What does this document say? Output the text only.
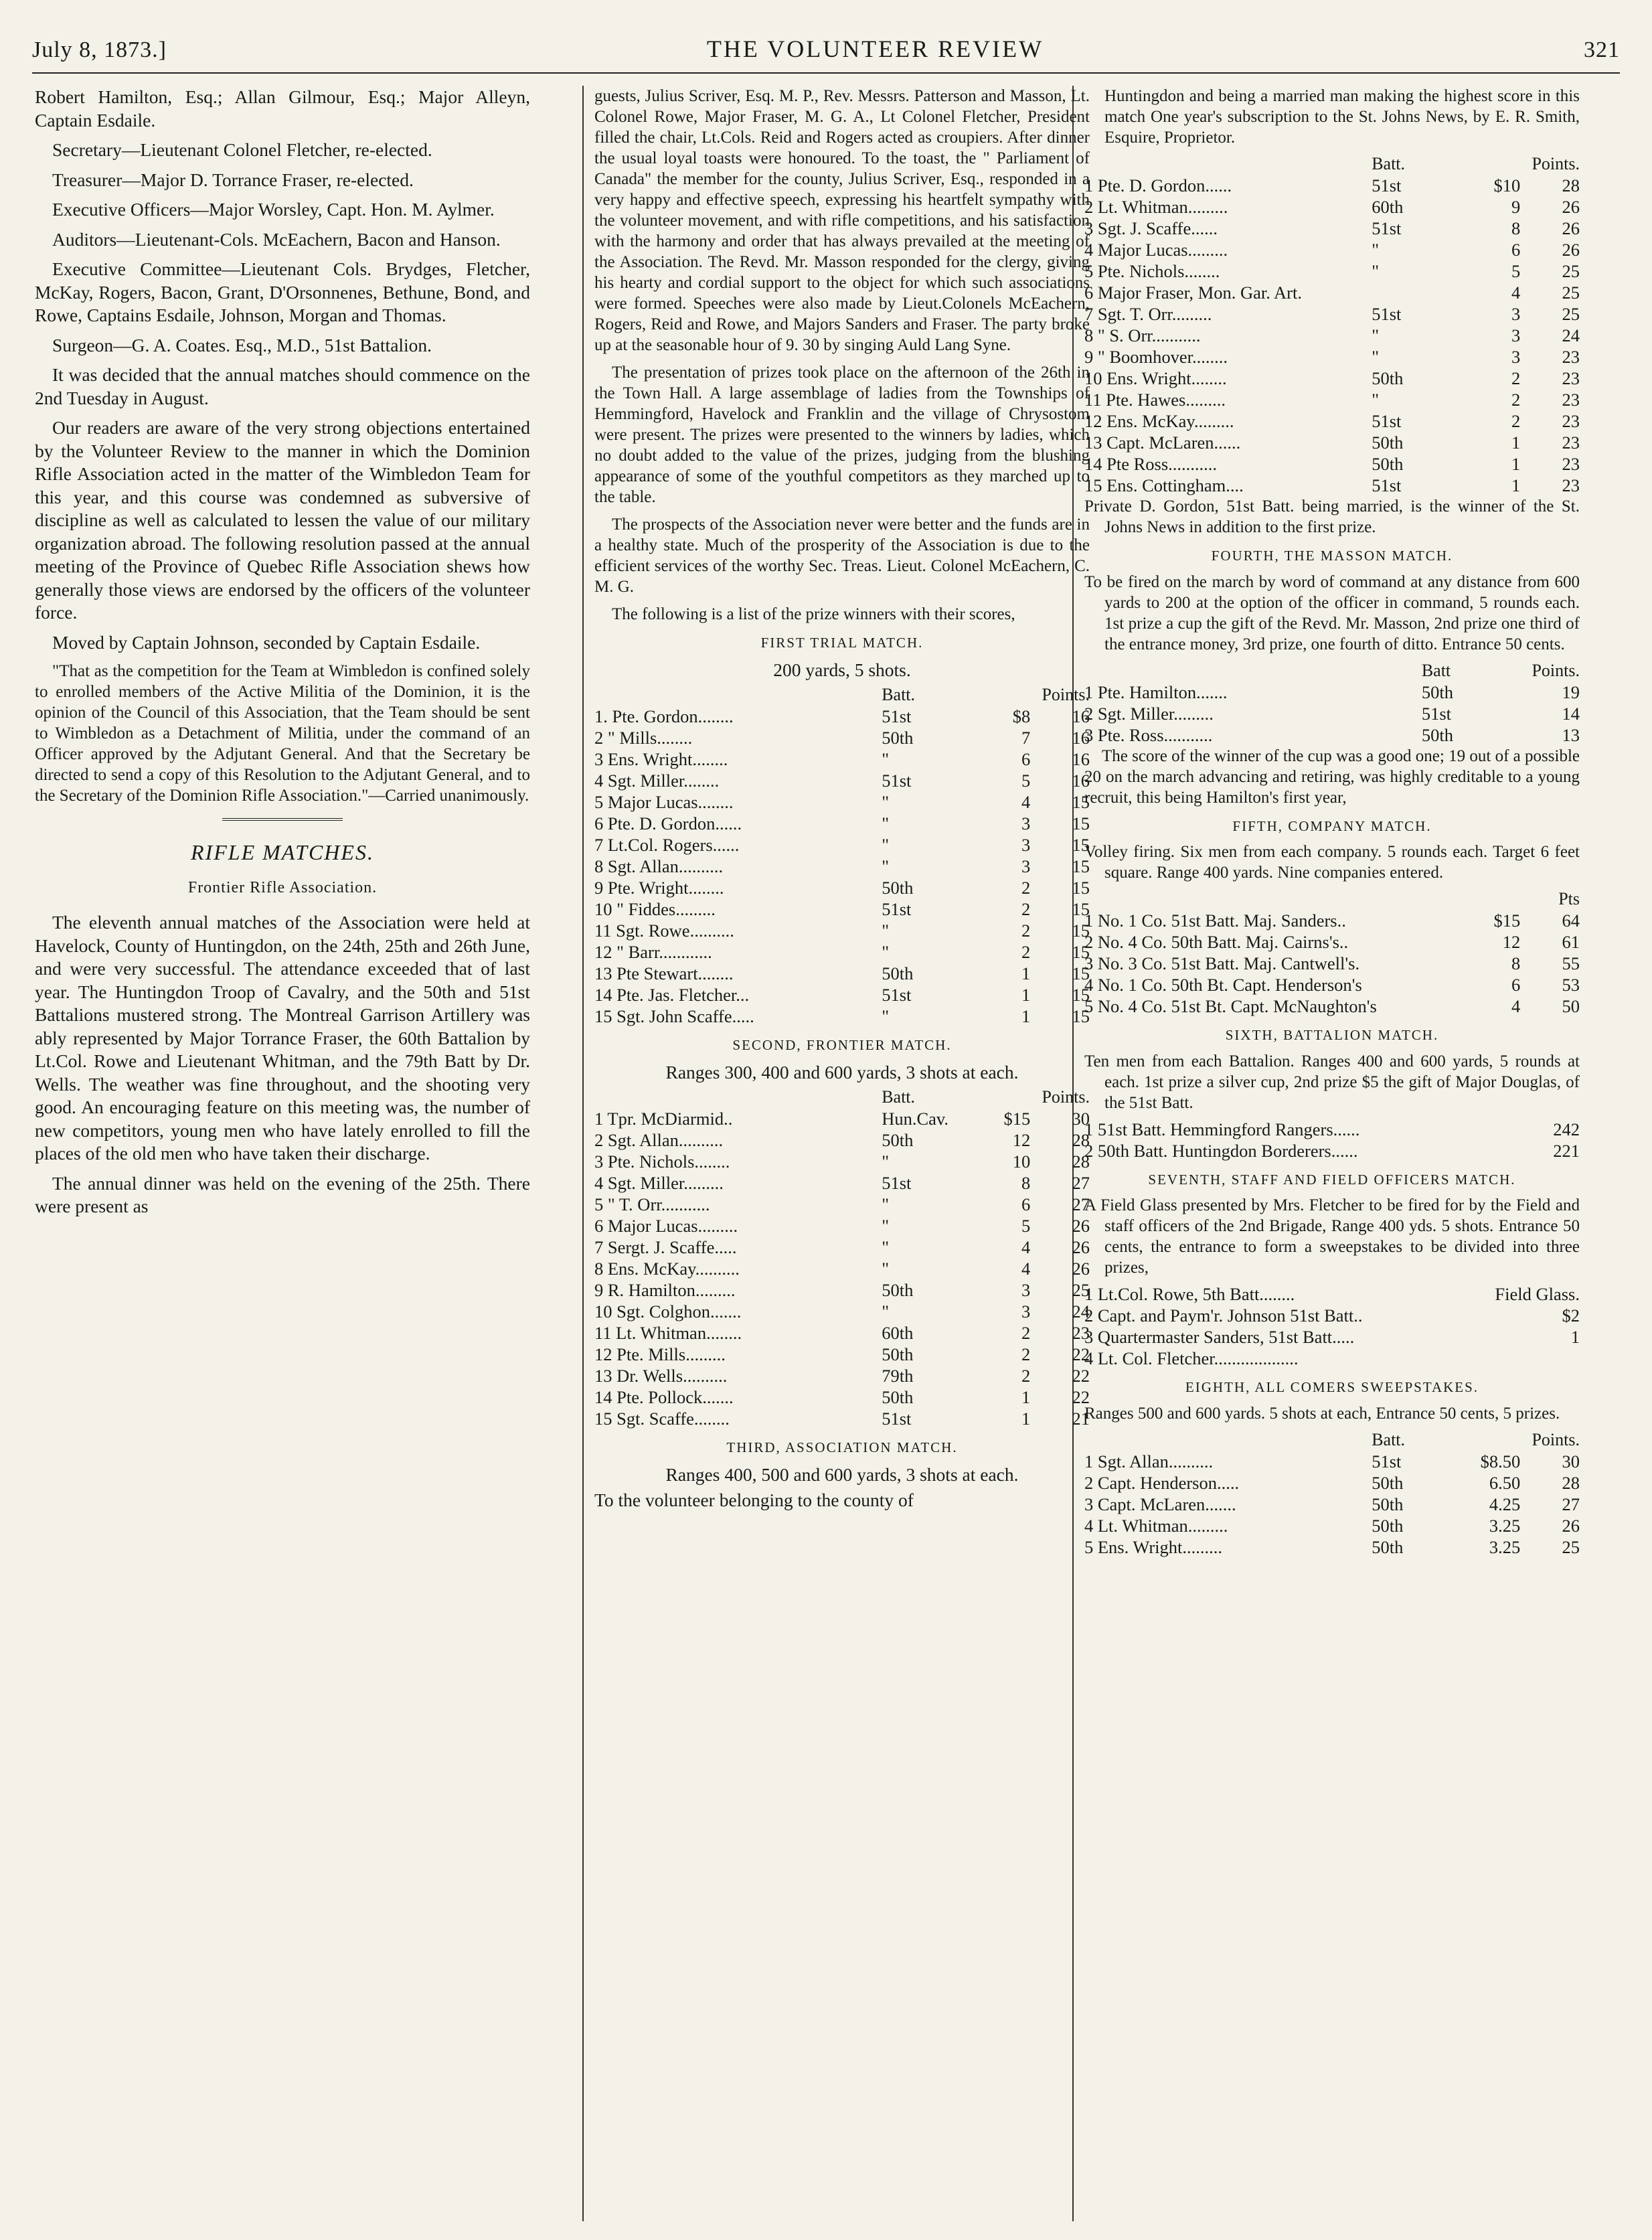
July 8, 1873.]	THE VOLUNTEER REVIEW	321

Robert Hamilton, Esq.; Allan Gilmour, Esq.; Major Alleyn, Captain Esdaile.

Secretary—Lieutenant Colonel Fletcher, re-elected.

Treasurer—Major D. Torrance Fraser, re-elected.

Executive Officers—Major Worsley, Capt. Hon. M. Aylmer.

Auditors—Lieutenant-Cols. McEachern, Bacon and Hanson.

Executive Committee—Lieutenant Cols. Brydges, Fletcher, McKay, Rogers, Bacon, Grant, D'Orsonnenes, Bethune, Bond, and Rowe, Captains Esdaile, Johnson, Morgan and Thomas.

Surgeon—G. A. Coates. Esq., M.D., 51st Battalion.

It was decided that the annual matches should commence on the 2nd Tuesday in August.

Our readers are aware of the very strong objections entertained by the Volunteer Review to the manner in which the Dominion Rifle Association acted in the matter of the Wimbledon Team for this year, and this course was condemned as subversive of discipline as well as calculated to lessen the value of our military organization abroad. The following resolution passed at the annual meeting of the Province of Quebec Rifle Association shews how generally those views are endorsed by the officers of the volunteer force.

Moved by Captain Johnson, seconded by Captain Esdaile.

"That as the competition for the Team at Wimbledon is confined solely to enrolled members of the Active Militia of the Dominion, it is the opinion of the Council of this Association, that the Team should be sent to Wimbledon as a Detachment of Militia, under the command of an Officer approved by the Adjutant General. And that the Secretary be directed to send a copy of this Resolution to the Adjutant General, and to the Secretary of the Dominion Rifle Association."—Carried unanimously.

RIFLE MATCHES.
Frontier Rifle Association.

The eleventh annual matches of the Association were held at Havelock, County of Huntingdon, on the 24th, 25th and 26th June, and were very successful. The attendance exceeded that of last year. The Huntingdon Troop of Cavalry, and the 50th and 51st Battalions mustered strong. The Montreal Garrison Artillery was ably represented by Major Torrance Fraser, the 60th Battalion by Lt.Col. Rowe and Lieutenant Whitman, and the 79th Batt by Dr. Wells. The weather was fine throughout, and the shooting very good. An encouraging feature on this meeting was, the number of new competitors, young men who have lately enrolled to fill the places of the old men who have taken their discharge.

The annual dinner was held on the evening of the 25th. There were present as

guests, Julius Scriver, Esq. M. P., Rev. Messrs. Patterson and Masson, Lt. Colonel Rowe, Major Fraser, M. G. A., Lt Colonel Fletcher, President filled the chair, Lt.Cols. Reid and Rogers acted as croupiers. After dinner the usual loyal toasts were honoured. To the toast, the " Parliament of Canada" the member for the county, Julius Scriver, Esq., responded in a very happy and effective speech, expressing his heartfelt sympathy with the volunteer movement, and with rifle competitions, and his satisfaction with the harmony and order that has always prevailed at the meeting of the Association. The Revd. Mr. Masson responded for the clergy, giving his hearty and cordial support to the object for which such associations were formed. Speeches were also made by Lieut.Colonels McEachern, Rogers, Reid and Rowe, and Majors Sanders and Fraser. The party broke up at the seasonable hour of 9. 30 by singing Auld Lang Syne.

The presentation of prizes took place on the afternoon of the 26th in the Town Hall. A large assemblage of ladies from the Townships of Hemmingford, Havelock and Franklin and the village of Chrysostom were present. The prizes were presented to the winners by ladies, which no doubt added to the value of the prizes, judging from the blushing appearance of some of the youthful competitors as they marched up to the table.

The prospects of the Association never were better and the funds are in a healthy state. Much of the prosperity of the Association is due to the efficient services of the worthy Sec. Treas. Lieut. Colonel McEachern, C. M. G.

The following is a list of the prize winners with their scores,

FIRST TRIAL MATCH.
200 yards, 5 shots.
	Batt.		Points.
1. Pte. Gordon........	51st	$8	16
2 " Mills........	50th	7	16
3 Ens. Wright........	"	6	16
4 Sgt. Miller........	51st	5	16
5 Major Lucas........	"	4	15
6 Pte. D. Gordon......	"	3	15
7 Lt.Col. Rogers......	"	3	15
8 Sgt. Allan..........	"	3	15
9 Pte. Wright........	50th	2	15
10 " Fiddes.........	51st	2	15
11 Sgt. Rowe..........	"	2	15
12 " Barr............	"	2	15
13 Pte Stewart........	50th	1	15
14 Pte. Jas. Fletcher...	51st	1	15
15 Sgt. John Scaffe.....	"	1	15
SECOND, FRONTIER MATCH.
Ranges 300, 400 and 600 yards, 3 shots at each.
	Batt.		Points.
1 Tpr. McDiarmid..	Hun.Cav.	$15	30
2 Sgt. Allan..........	50th	12	28
3 Pte. Nichols........	"	10	28
4 Sgt. Miller.........	51st	8	27
5 " T. Orr...........	"	6	27
6 Major Lucas.........	"	5	26
7 Sergt. J. Scaffe.....	"	4	26
8 Ens. McKay..........	"	4	26
9 R. Hamilton.........	50th	3	25
10 Sgt. Colghon.......	"	3	24
11 Lt. Whitman........	60th	2	23
12 Pte. Mills.........	50th	2	22
13 Dr. Wells..........	79th	2	22
14 Pte. Pollock.......	50th	1	22
15 Sgt. Scaffe........	51st	1	21
THIRD, ASSOCIATION MATCH.
Ranges 400, 500 and 600 yards, 3 shots at each.

To the volunteer belonging to the county of

Huntingdon and being a married man making the highest score in this match One year's subscription to the St. Johns News, by E. R. Smith, Esquire, Proprietor.

	Batt.		Points.
1 Pte. D. Gordon......	51st	$10	28
2 Lt. Whitman.........	60th	9	26
3 Sgt. J. Scaffe......	51st	8	26
4 Major Lucas.........	"	6	26
5 Pte. Nichols........	"	5	25
6 Major Fraser, Mon. Gar. Art.		4	25
7 Sgt. T. Orr.........	51st	3	25
8 " S. Orr...........	"	3	24
9 " Boomhover........	"	3	23
10 Ens. Wright........	50th	2	23
11 Pte. Hawes.........	"	2	23
12 Ens. McKay.........	51st	2	23
13 Capt. McLaren......	50th	1	23
14 Pte Ross...........	50th	1	23
15 Ens. Cottingham....	51st	1	23

Private D. Gordon, 51st Batt. being married, is the winner of the St. Johns News in addition to the first prize.

FOURTH, THE MASSON MATCH.

To be fired on the march by word of command at any distance from 600 yards to 200 at the option of the officer in command, 5 rounds each. 1st prize a cup the gift of the Revd. Mr. Masson, 2nd prize one third of the entrance money, 3rd prize, one fourth of ditto. Entrance 50 cents.

	Batt	Points.
1 Pte. Hamilton.......	50th	19
2 Sgt. Miller.........	51st	14
3 Pte. Ross...........	50th	13

The score of the winner of the cup was a good one; 19 out of a possible 20 on the march advancing and retiring, was highly creditable to a young recruit, this being Hamilton's first year,

FIFTH, COMPANY MATCH.

Volley firing. Six men from each company. 5 rounds each. Target 6 feet square. Range 400 yards. Nine companies entered.

		Pts
1 No. 1 Co. 51st Batt. Maj. Sanders..	$15	64
2 No. 4 Co. 50th Batt. Maj. Cairns's..	12	61
3 No. 3 Co. 51st Batt. Maj. Cantwell's.	8	55
4 No. 1 Co. 50th Bt. Capt. Henderson's	6	53
5 No. 4 Co. 51st Bt. Capt. McNaughton's	4	50
SIXTH, BATTALION MATCH.

Ten men from each Battalion. Ranges 400 and 600 yards, 5 rounds at each. 1st prize a silver cup, 2nd prize $5 the gift of Major Douglas, of the 51st Batt.

1 51st Batt. Hemmingford Rangers......	242
2 50th Batt. Huntingdon Borderers......	221
SEVENTH, STAFF AND FIELD OFFICERS MATCH.

A Field Glass presented by Mrs. Fletcher to be fired for by the Field and staff officers of the 2nd Brigade, Range 400 yds. 5 shots. Entrance 50 cents, the entrance to form a sweepstakes to be divided into three prizes,

1 Lt.Col. Rowe, 5th Batt........	Field Glass.
2 Capt. and Paym'r. Johnson 51st Batt..	$2
3 Quartermaster Sanders, 51st Batt.....	1
4 Lt. Col. Fletcher...................	
EIGHTH, ALL COMERS SWEEPSTAKES.

Ranges 500 and 600 yards. 5 shots at each, Entrance 50 cents, 5 prizes.

	Batt.		Points.
1 Sgt. Allan..........	51st	$8.50	30
2 Capt. Henderson.....	50th	6.50	28
3 Capt. McLaren.......	50th	4.25	27
4 Lt. Whitman.........	50th	3.25	26
5 Ens. Wright.........	50th	3.25	25
